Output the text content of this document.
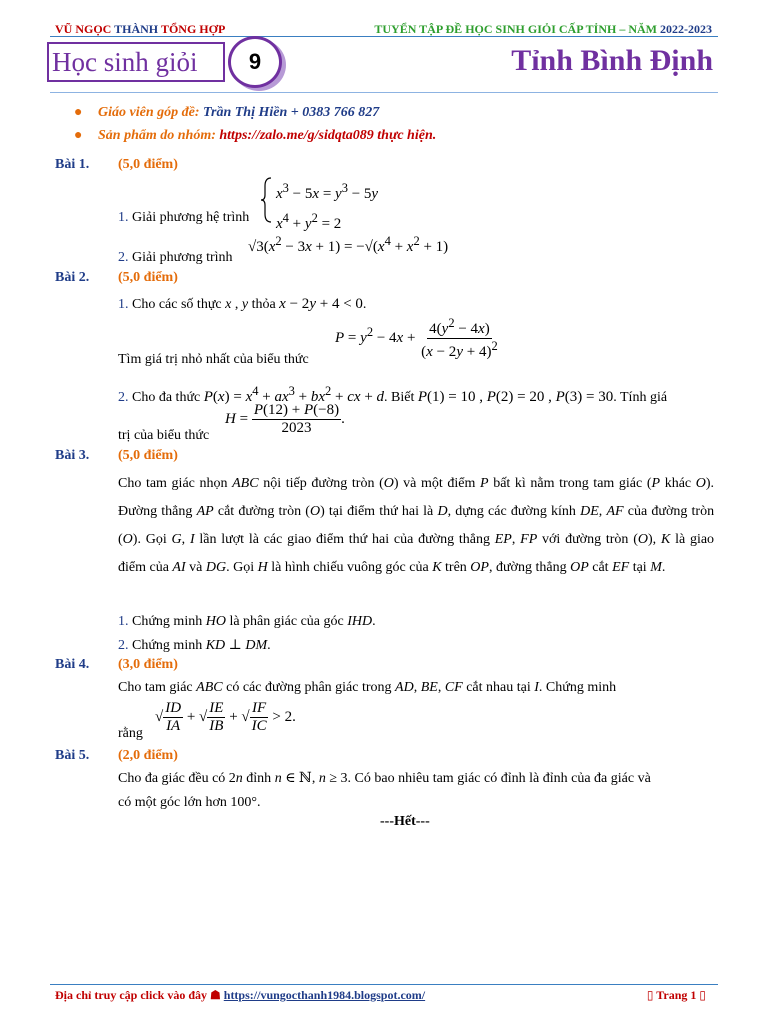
VŨ NGỌC THÀNH TỔNG HỢP	TUYỂN TẬP ĐỀ HỌC SINH GIỎI CẤP TỈNH – NĂM 2022-2023
Học sinh giỏi 9	Tỉnh Bình Định
● Giáo viên góp đề: Trần Thị Hiền + 0383 766 827
● Sản phẩm do nhóm: https://zalo.me/g/sidqta089 thực hiện.
Bài 1. (5,0 điểm)
$x^3 - 5x = y^3 - 5y$
$x^4 + y^2 = 2$
1. Giải phương hệ trình
2. Giải phương trình
$√3(x^2 - 3x + 1) = -√(x^4 + x^2 + 1)$
Bài 2. (5,0 điểm)
1. Cho các số thực x , y thỏa x − 2y + 4 < 0.
$P = y^2 - 4x + \frac{4(y^2 - 4x)}{(x - 2y + 4)^2}$
Tìm giá trị nhỏ nhất của biểu thức
2. Cho đa thức $P(x) = x^4 + ax^3 + bx^2$ + cx + d. Biết P(1) = 10 , P(2) = 20 , P(3) = 30. Tính giá
$H = \frac{P(12) + P(-8)}{2023}$ .
trị của biểu thức
Bài 3. (5,0 điểm)
Cho tam giác nhọn ABC nội tiếp đường tròn (O) và một điểm P bất kì nằm trong tam giác (P khác O). Đường thẳng AP cắt đường tròn (O) tại điểm thứ hai là D, dựng các đường kính DE, AF của đường tròn (O). Gọi G, I lần lượt là các giao điểm thứ hai của đường thẳng EP, FP với đường tròn (O), K là giao điểm của AI và DG. Gọi H là hình chiếu vuông góc của K trên OP, đường thẳng OP cắt EF tại M.
1. Chứng minh HO là phân giác của góc IHD.
2. Chứng minh KD ⊥ DM.
Bài 4. (3,0 điểm)
Cho tam giác ABC có các đường phân giác trong AD, BE, CF cắt nhau tại I. Chứng minh
rằng
√ $\frac{ID}{IA}$ + √ $\frac{IE}{IB}$ + √ $\frac{IF}{IC} > 2$.
Bài 5. (2,0 điểm)
Cho đa giác đều có 2n đỉnh n ∈ ℕ, n ≥ 3. Có bao nhiêu tam giác có đỉnh là đỉnh của đa giác và
có một góc lớn hơn 100°.
---Hết---
Địa chỉ truy cập click vào đây ☗ https://vungocthanh1984.blogspot.com/	▯ Trang 1 ▯
